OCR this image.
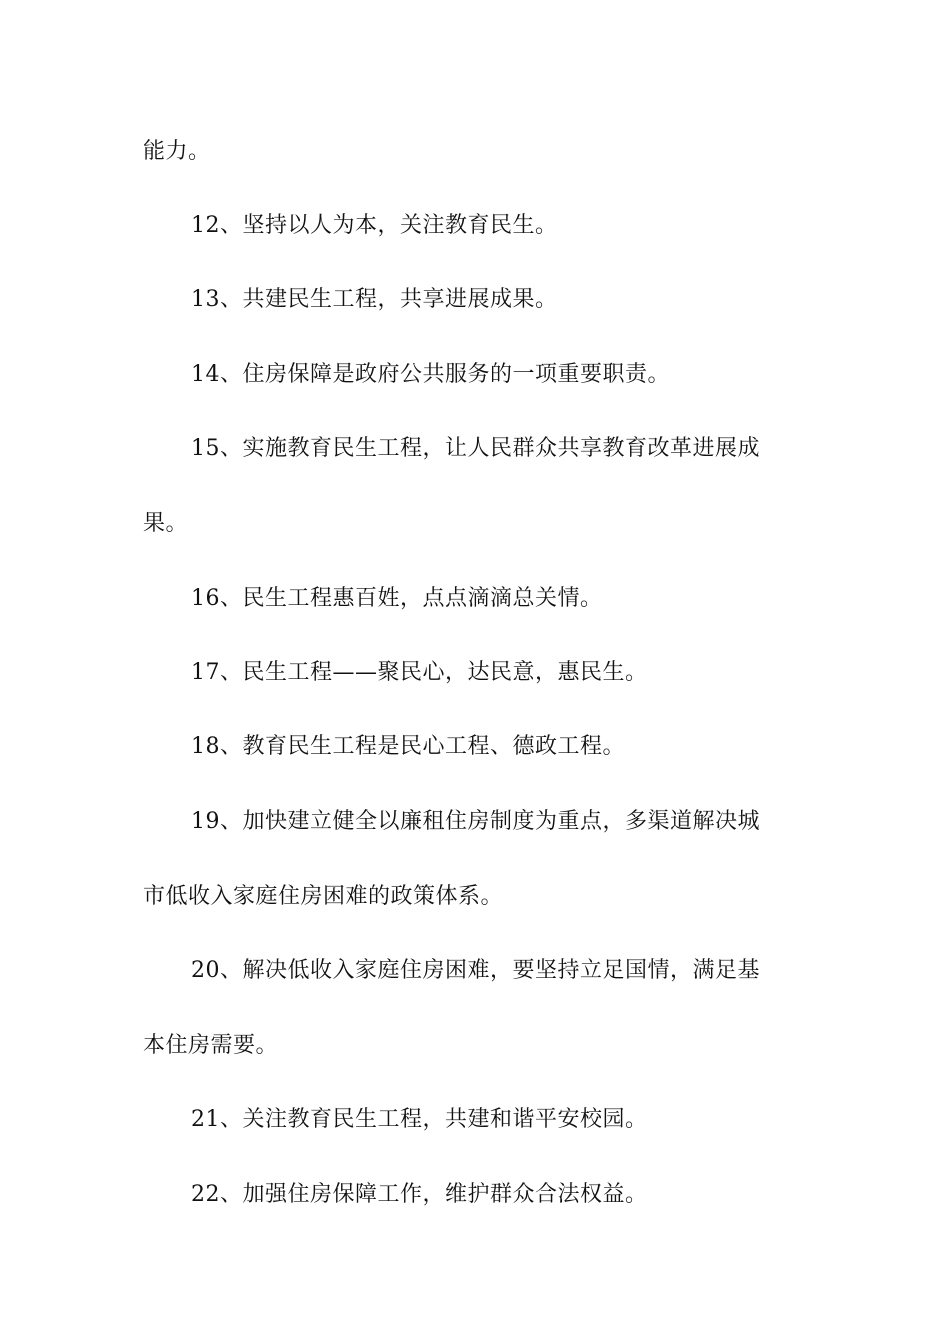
能力。
12、坚持以人为本，关注教育民生。
13、共建民生工程，共享进展成果。
14、住房保障是政府公共服务的一项重要职责。
15、实施教育民生工程，让人民群众共享教育改革进展成
果。
16、民生工程惠百姓，点点滴滴总关情。
17、民生工程——聚民心，达民意，惠民生。
18、教育民生工程是民心工程、德政工程。
19、加快建立健全以廉租住房制度为重点，多渠道解决城
市低收入家庭住房困难的政策体系。
20、解决低收入家庭住房困难，要坚持立足国情，满足基
本住房需要。
21、关注教育民生工程，共建和谐平安校园。
22、加强住房保障工作，维护群众合法权益。
